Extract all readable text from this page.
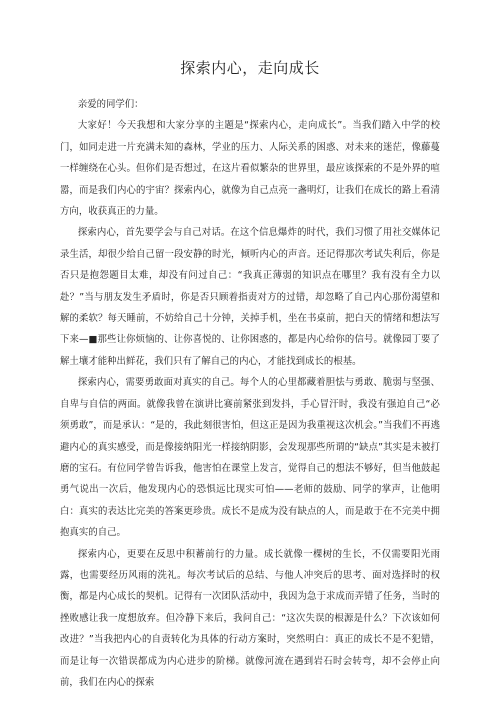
探索内心，走向成长

亲爱的同学们：

大家好！今天我想和大家分享的主题是“探索内心，走向成长”。当我们踏入中学的校门，如同走进一片充满未知的森林，学业的压力、人际关系的困惑、对未来的迷茫，像藤蔓一样缠绕在心头。但你们是否想过，在这片看似繁杂的世界里，最应该探索的不是外界的喧嚣，而是我们内心的宇宙？探索内心，就像为自己点亮一盏明灯，让我们在成长的路上看清方向，收获真正的力量。

探索内心，首先要学会与自己对话。在这个信息爆炸的时代，我们习惯了用社交媒体记录生活，却很少给自己留一段安静的时光，倾听内心的声音。还记得那次考试失利后，你是否只是抱怨题目太难，却没有问过自己：“我真正薄弱的知识点在哪里？我有没有全力以赴？”当与朋友发生矛盾时，你是否只顾着指责对方的过错，却忽略了自己内心那份渴望和解的柔软？每天睡前，不妨给自己十分钟，关掉手机，坐在书桌前，把白天的情绪和想法写下来—■那些让你烦恼的、让你喜悦的、让你困惑的，都是内心给你的信号。就像园丁要了解土壤才能种出鲜花，我们只有了解自己的内心，才能找到成长的根基。

探索内心，需要勇敢面对真实的自己。每个人的心里都藏着胆怯与勇敢、脆弱与坚强、自卑与自信的两面。就像我曾在演讲比赛前紧张到发抖，手心冒汗时，我没有强迫自己“必须勇敢”，而是承认：“是的，我此刻很害怕，但这正是因为我重视这次机会。”当我们不再逃避内心的真实感受，而是像接纳阳光一样接纳阴影，会发现那些所谓的“缺点”其实是未被打磨的宝石。有位同学曾告诉我，他害怕在课堂上发言，觉得自己的想法不够好，但当他鼓起勇气说出一次后，他发现内心的恐惧远比现实可怕——老师的鼓励、同学的掌声，让他明白：真实的表达比完美的答案更珍贵。成长不是成为没有缺点的人，而是敢于在不完美中拥抱真实的自己。

探索内心，更要在反思中积蓄前行的力量。成长就像一棵树的生长，不仅需要阳光雨露，也需要经历风雨的洗礼。每次考试后的总结、与他人冲突后的思考、面对选择时的权衡，都是内心成长的契机。记得有一次团队活动中，我因为急于求成而弄错了任务，当时的挫败感让我一度想放弃。但冷静下来后，我问自己：“这次失误的根源是什么？下次该如何改进？”当我把内心的自责转化为具体的行动方案时，突然明白：真正的成长不是不犯错，而是让每一次错误都成为内心进步的阶梯。就像河流在遇到岩石时会转弯，却不会停止向前，我们在内心的探索
